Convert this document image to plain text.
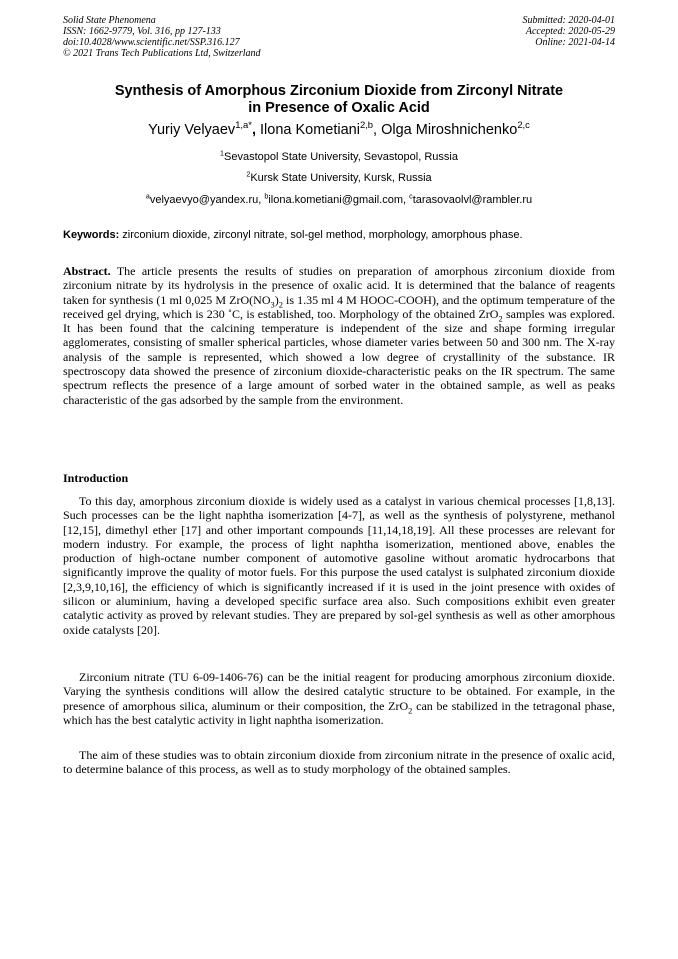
Solid State Phenomena
ISSN: 1662-9779, Vol. 316, pp 127-133
doi:10.4028/www.scientific.net/SSP.316.127
© 2021 Trans Tech Publications Ltd, Switzerland
Submitted: 2020-04-01
Accepted: 2020-05-29
Online: 2021-04-14
Synthesis of Amorphous Zirconium Dioxide from Zirconyl Nitrate
in Presence of Oxalic Acid
Yuriy Velyaev$^{1,a*}$, Ilona Kometiani$^{2,b}$, Olga Miroshnichenko$^{2,c}$
$^1$Sevastopol State University, Sevastopol, Russia
$^2$Kursk State University, Kursk, Russia
$^a$velyaevyo@yandex.ru, $^b$ilona.kometiani@gmail.com, $^c$tarasovaolvl@rambler.ru
Keywords: zirconium dioxide, zirconyl nitrate, sol-gel method, morphology, amorphous phase.
Abstract. The article presents the results of studies on preparation of amorphous zirconium dioxide from zirconium nitrate by its hydrolysis in the presence of oxalic acid. It is determined that the balance of reagents taken for synthesis (1 ml 0,025 M $ZrO(NO_3)_2$ is 1.35 ml 4 M HOOC-COOH), and the optimum temperature of the received gel drying, which is 230 ˚C, is established, too. Morphology of the obtained ZrO$_2$ samples was explored. It has been found that the calcining temperature is independent of the size and shape forming irregular agglomerates, consisting of smaller spherical particles, whose diameter varies between 50 and 300 nm. The X-ray analysis of the sample is represented, which showed a low degree of crystallinity of the substance. IR spectroscopy data showed the presence of zirconium dioxide-characteristic peaks on the IR spectrum. The same spectrum reflects the presence of a large amount of sorbed water in the obtained sample, as well as peaks characteristic of the gas adsorbed by the sample from the environment.
Introduction
To this day, amorphous zirconium dioxide is widely used as a catalyst in various chemical processes [1,8,13]. Such processes can be the light naphtha isomerization [4-7], as well as the synthesis of polystyrene, methanol [12,15], dimethyl ether [17] and other important compounds [11,14,18,19]. All these processes are relevant for modern industry. For example, the process of light naphtha isomerization, mentioned above, enables the production of high-octane number component of automotive gasoline without aromatic hydrocarbons that significantly improve the quality of motor fuels. For this purpose the used catalyst is sulphated zirconium dioxide [2,3,9,10,16], the efficiency of which is significantly increased if it is used in the joint presence with oxides of silicon or aluminium, having a developed specific surface area also. Such compositions exhibit even greater catalytic activity as proved by relevant studies. They are prepared by sol-gel synthesis as well as other amorphous oxide catalysts [20].
Zirconium nitrate (TU 6-09-1406-76) can be the initial reagent for producing amorphous zirconium dioxide. Varying the synthesis conditions will allow the desired catalytic structure to be obtained. For example, in the presence of amorphous silica, aluminum or their composition, the ZrO$_2$ can be stabilized in the tetragonal phase, which has the best catalytic activity in light naphtha isomerization.
The aim of these studies was to obtain zirconium dioxide from zirconium nitrate in the presence of oxalic acid, to determine balance of this process, as well as to study morphology of the obtained samples.
